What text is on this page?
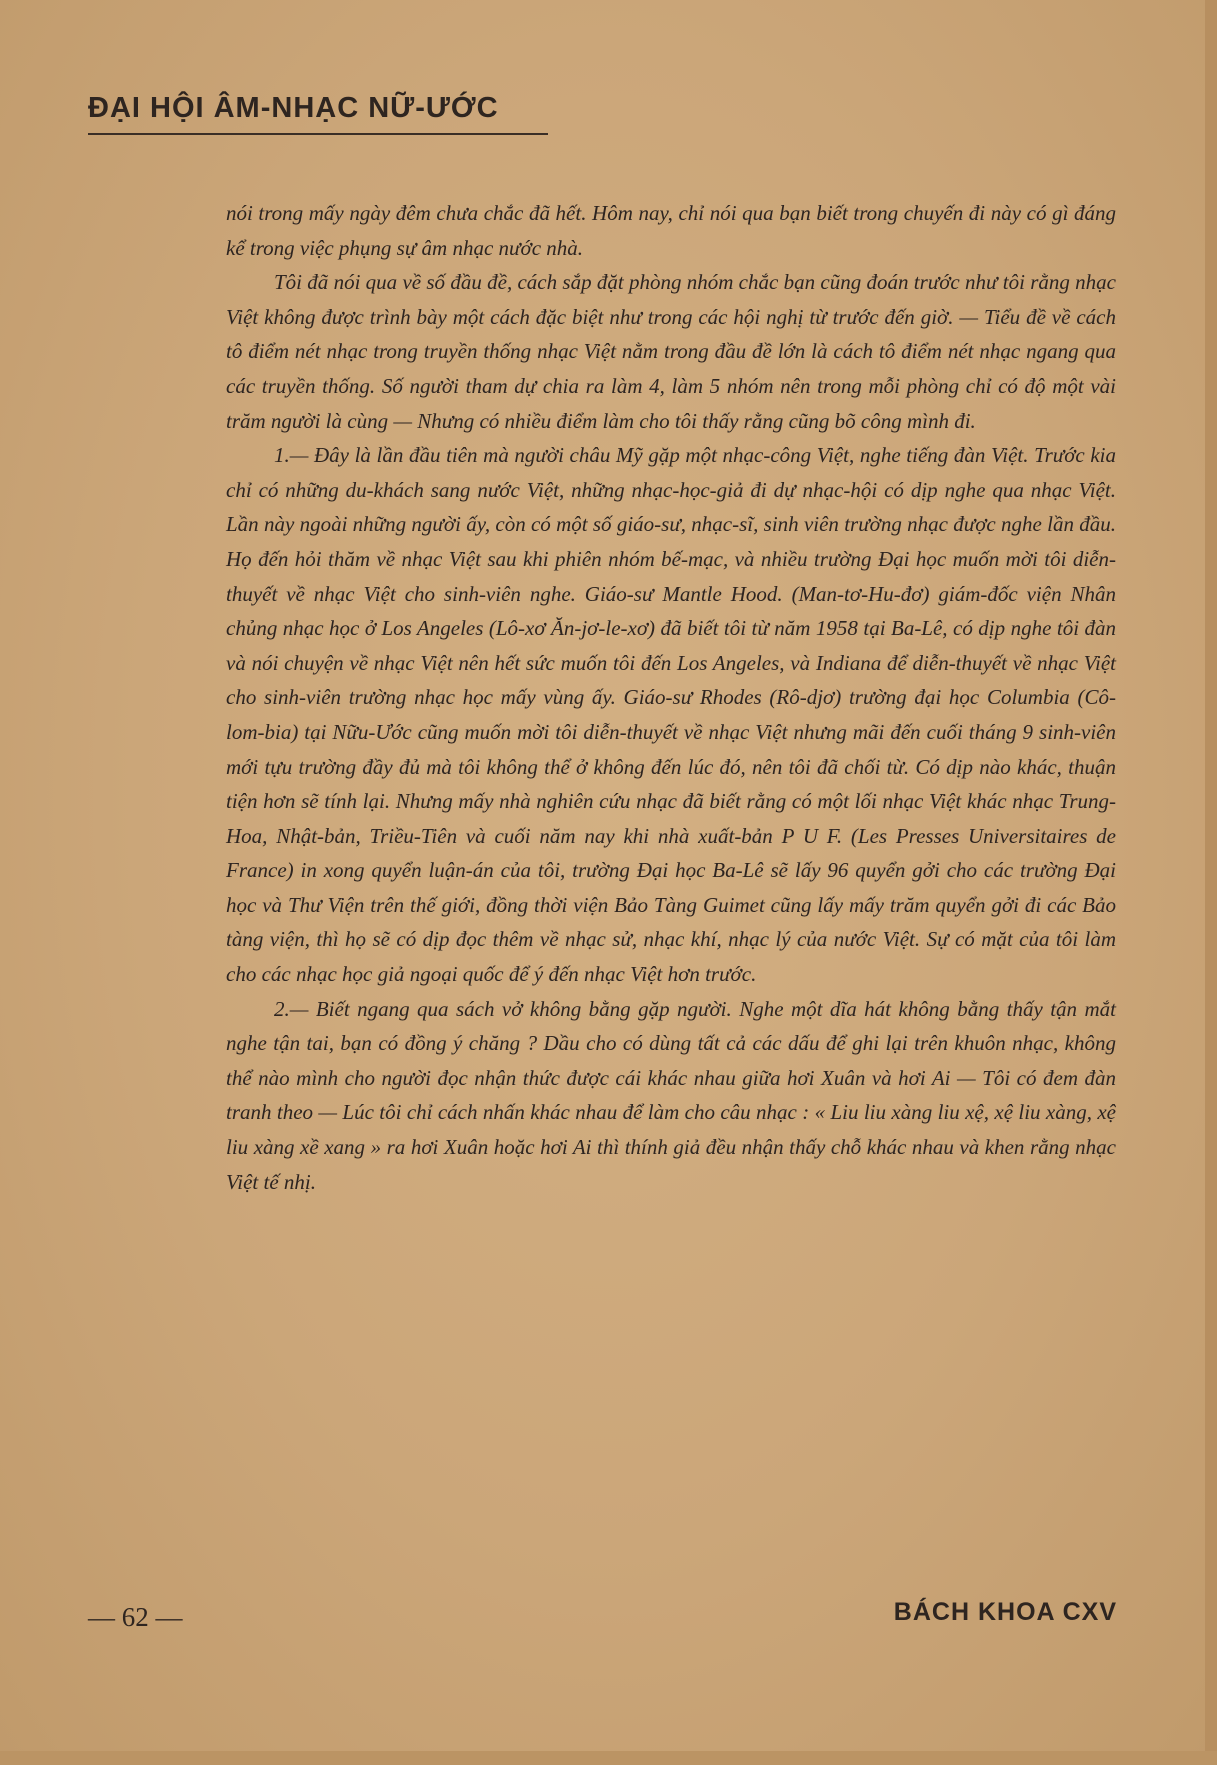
ĐẠI HỘI ÂM-NHẠC NỮ-ƯỚC

nói trong mấy ngày đêm chưa chắc đã hết. Hôm nay, chỉ nói qua bạn biết trong chuyến đi này có gì đáng kể trong việc phụng sự âm nhạc nước nhà.

Tôi đã nói qua về số đầu đề, cách sắp đặt phòng nhóm chắc bạn cũng đoán trước như tôi rằng nhạc Việt không được trình bày một cách đặc biệt như trong các hội nghị từ trước đến giờ. — Tiểu đề về cách tô điểm nét nhạc trong truyền thống nhạc Việt nằm trong đầu đề lớn là cách tô điểm nét nhạc ngang qua các truyền thống. Số người tham dự chia ra làm 4, làm 5 nhóm nên trong mỗi phòng chỉ có độ một vài trăm người là cùng — Nhưng có nhiều điểm làm cho tôi thấy rằng cũng bõ công mình đi.

1.— Đây là lần đầu tiên mà người châu Mỹ gặp một nhạc-công Việt, nghe tiếng đàn Việt. Trước kia chỉ có những du-khách sang nước Việt, những nhạc-học-giả đi dự nhạc-hội có dịp nghe qua nhạc Việt. Lần này ngoài những người ấy, còn có một số giáo-sư, nhạc-sĩ, sinh viên trường nhạc được nghe lần đầu. Họ đến hỏi thăm về nhạc Việt sau khi phiên nhóm bế-mạc, và nhiều trường Đại học muốn mời tôi diễn-thuyết về nhạc Việt cho sinh-viên nghe. Giáo-sư Mantle Hood. (Man-tơ-Hu-đơ) giám-đốc viện Nhân chủng nhạc học ở Los Angeles (Lô-xơ Ăn-jơ-le-xơ) đã biết tôi từ năm 1958 tại Ba-Lê, có dịp nghe tôi đàn và nói chuyện về nhạc Việt nên hết sức muốn tôi đến Los Angeles, và Indiana để diễn-thuyết về nhạc Việt cho sinh-viên trường nhạc học mấy vùng ấy. Giáo-sư Rhodes (Rô-djơ) trường đại học Columbia (Cô-lom-bia) tại Nữu-Ước cũng muốn mời tôi diễn-thuyết về nhạc Việt nhưng mãi đến cuối tháng 9 sinh-viên mới tựu trường đầy đủ mà tôi không thể ở không đến lúc đó, nên tôi đã chối từ. Có dịp nào khác, thuận tiện hơn sẽ tính lại. Nhưng mấy nhà nghiên cứu nhạc đã biết rằng có một lối nhạc Việt khác nhạc Trung-Hoa, Nhật-bản, Triều-Tiên và cuối năm nay khi nhà xuất-bản P U F. (Les Presses Universitaires de France) in xong quyển luận-án của tôi, trường Đại học Ba-Lê sẽ lấy 96 quyển gởi cho các trường Đại học và Thư Viện trên thế giới, đồng thời viện Bảo Tàng Guimet cũng lấy mấy trăm quyển gởi đi các Bảo tàng viện, thì họ sẽ có dịp đọc thêm về nhạc sử, nhạc khí, nhạc lý của nước Việt. Sự có mặt của tôi làm cho các nhạc học giả ngoại quốc để ý đến nhạc Việt hơn trước.

2.— Biết ngang qua sách vở không bằng gặp người. Nghe một dĩa hát không bằng thấy tận mắt nghe tận tai, bạn có đồng ý chăng ? Dầu cho có dùng tất cả các dấu để ghi lại trên khuôn nhạc, không thể nào mình cho người đọc nhận thức được cái khác nhau giữa hơi Xuân và hơi Ai — Tôi có đem đàn tranh theo — Lúc tôi chỉ cách nhấn khác nhau để làm cho câu nhạc : « Liu liu xàng liu xệ, xệ liu xàng, xệ liu xàng xề xang » ra hơi Xuân hoặc hơi Ai thì thính giả đều nhận thấy chỗ khác nhau và khen rằng nhạc Việt tế nhị.

— 62 —	BÁCH KHOA CXV
